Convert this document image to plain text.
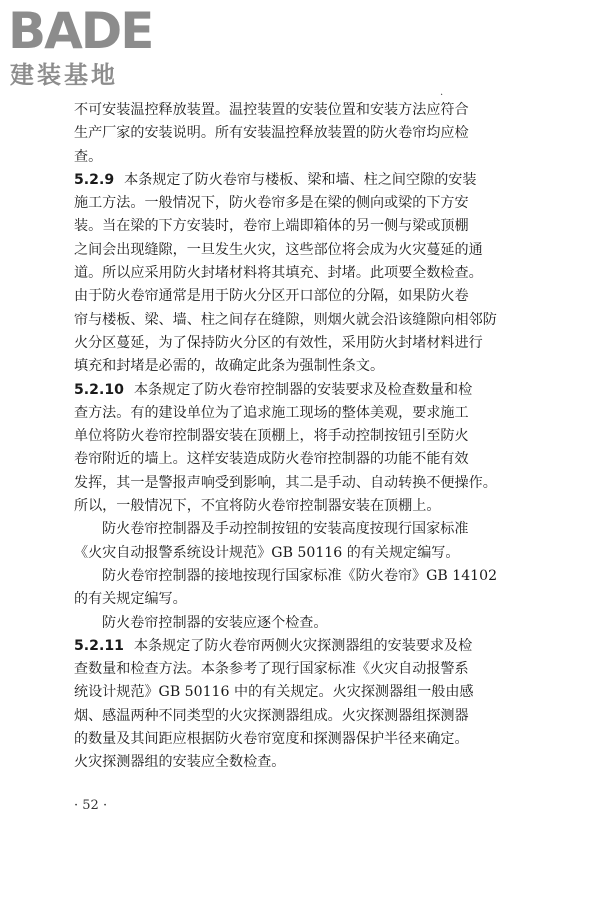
BADE
建装基地
.
不可安装温控释放装置。温控装置的安装位置和安装方法应符合
生产厂家的安装说明。所有安装温控释放装置的防火卷帘均应检
查。
5.2.9 本条规定了防火卷帘与楼板、梁和墙、柱之间空隙的安装
施工方法。一般情况下，防火卷帘多是在梁的侧向或梁的下方安
装。当在梁的下方安装时，卷帘上端即箱体的另一侧与梁或顶棚
之间会出现缝隙，一旦发生火灾，这些部位将会成为火灾蔓延的通
道。所以应采用防火封堵材料将其填充、封堵。此项要全数检查。
由于防火卷帘通常是用于防火分区开口部位的分隔，如果防火卷
帘与楼板、梁、墙、柱之间存在缝隙，则烟火就会沿该缝隙向相邻防
火分区蔓延，为了保持防火分区的有效性，采用防火封堵材料进行
填充和封堵是必需的，故确定此条为强制性条文。
5.2.10 本条规定了防火卷帘控制器的安装要求及检查数量和检
查方法。有的建设单位为了追求施工现场的整体美观，要求施工
单位将防火卷帘控制器安装在顶棚上，将手动控制按钮引至防火
卷帘附近的墙上。这样安装造成防火卷帘控制器的功能不能有效
发挥，其一是警报声响受到影响，其二是手动、自动转换不便操作。
所以，一般情况下，不宜将防火卷帘控制器安装在顶棚上。
防火卷帘控制器及手动控制按钮的安装高度按现行国家标准
《火灾自动报警系统设计规范》GB 50116 的有关规定编写。
防火卷帘控制器的接地按现行国家标准《防火卷帘》GB 14102
的有关规定编写。
防火卷帘控制器的安装应逐个检查。
5.2.11 本条规定了防火卷帘两侧火灾探测器组的安装要求及检
查数量和检查方法。本条参考了现行国家标准《火灾自动报警系
统设计规范》GB 50116 中的有关规定。火灾探测器组一般由感
烟、感温两种不同类型的火灾探测器组成。火灾探测器组探测器
的数量及其间距应根据防火卷帘宽度和探测器保护半径来确定。
火灾探测器组的安装应全数检查。
· 52 ·
